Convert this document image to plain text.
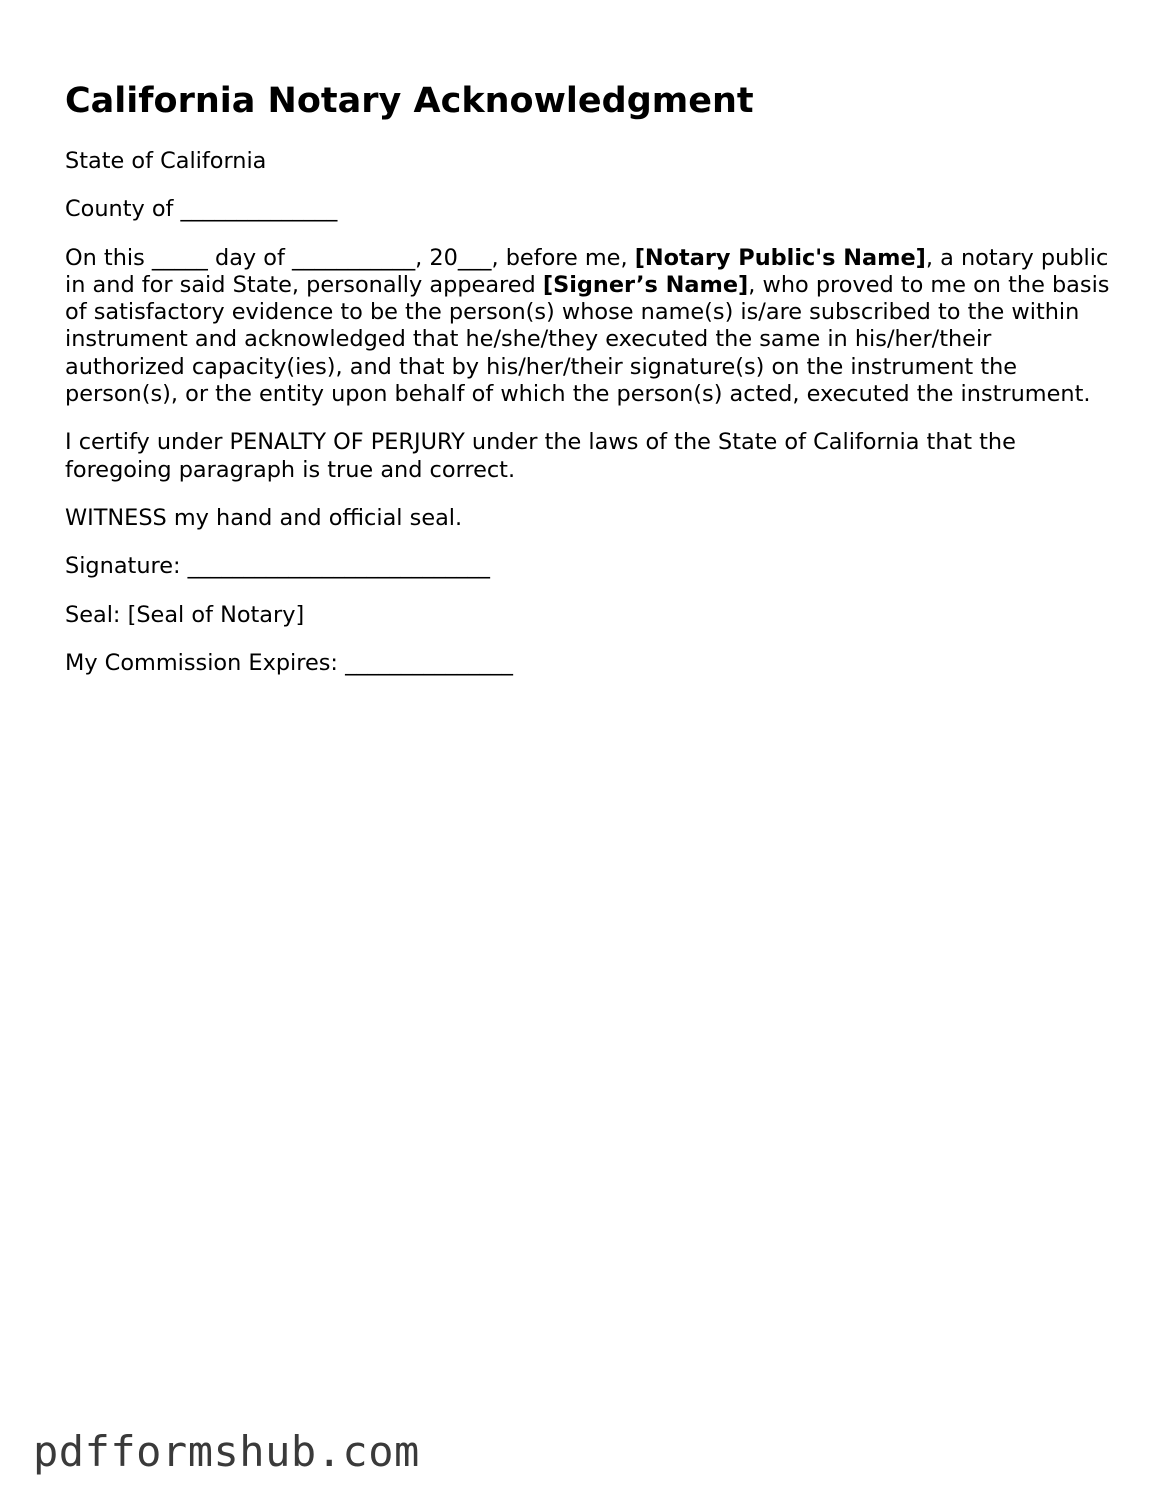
California Notary Acknowledgment

State of California

County of ______________

On this _____ day of ___________, 20___, before me, [Notary Public's Name], a notary public in and for said State, personally appeared [Signer’s Name], who proved to me on the basis of satisfactory evidence to be the person(s) whose name(s) is/are subscribed to the within instrument and acknowledged that he/she/they executed the same in his/her/their authorized capacity(ies), and that by his/her/their signature(s) on the instrument the person(s), or the entity upon behalf of which the person(s) acted, executed the instrument.

I certify under PENALTY OF PERJURY under the laws of the State of California that the foregoing paragraph is true and correct.

WITNESS my hand and official seal.

Signature: ___________________________

Seal: [Seal of Notary]

My Commission Expires: _______________

pdfformshub.com
